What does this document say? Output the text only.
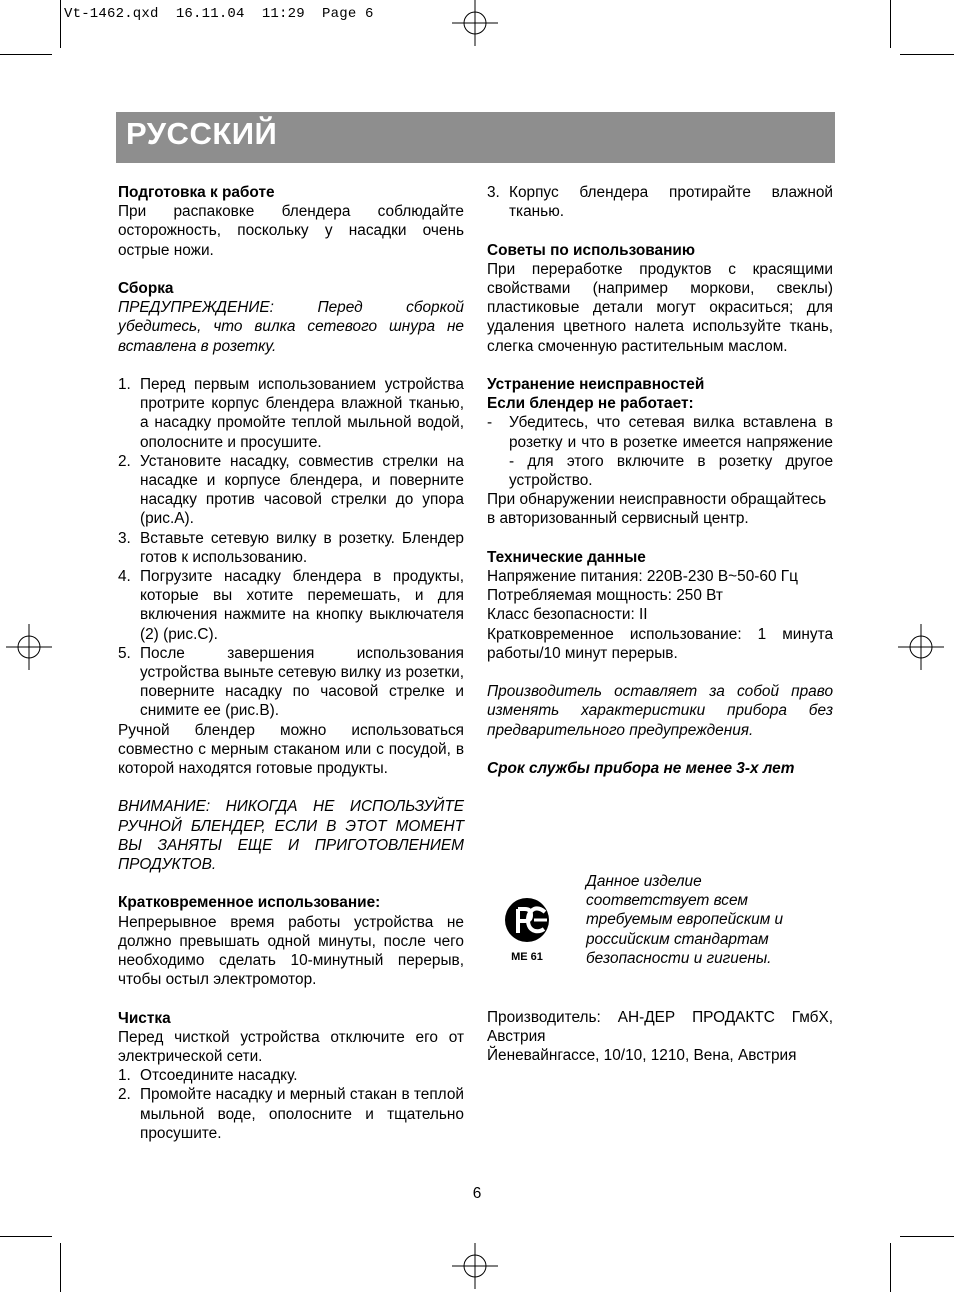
Vt-1462.qxd  16.11.04  11:29  Page 6
РУССКИЙ
Подготовка к работе
При распаковке блендера соблюдайте осторожность, поскольку у насадки очень острые ножи.
Сборка
ПРЕДУПРЕЖДЕНИЕ: Перед сборкой убедитесь, что вилка сетевого шнура не вставлена в розетку.
1. Перед первым использованием устройства протрите корпус блендера влажной тканью, а насадку промойте теплой мыльной водой, ополосните и просушите.
2. Установите насадку, совместив стрелки на насадке и корпусе блендера, и поверните насадку против часовой стрелки до упора (рис.A).
3. Вставьте сетевую вилку в розетку. Блендер готов к использованию.
4. Погрузите насадку блендера в продукты, которые вы хотите перемешать, и для включения нажмите на кнопку выключателя (2) (рис.C).
5. После завершения использования устройства выньте сетевую вилку из розетки, поверните насадку по часовой стрелке и снимите ее (рис.B).
Ручной блендер можно использоваться совместно с мерным стаканом или с посудой, в которой находятся готовые продукты.
ВНИМАНИЕ: НИКОГДА НЕ ИСПОЛЬЗУЙТЕ РУЧНОЙ БЛЕНДЕР, ЕСЛИ В ЭТОТ МОМЕНТ ВЫ ЗАНЯТЫ ЕЩЕ И ПРИГОТОВЛЕНИЕМ ПРОДУКТОВ.
Кратковременное использование:
Непрерывное время работы устройства не должно превышать одной минуты, после чего необходимо сделать 10-минутный перерыв, чтобы остыл электромотор.
Чистка
Перед чисткой устройства отключите его от электрической сети.
1. Отсоедините насадку.
2. Промойте насадку и мерный стакан в теплой мыльной воде, ополосните и тщательно просушите.
3. Корпус блендера протирайте влажной тканью.
Советы по использованию
При переработке продуктов с красящими свойствами (например моркови, свеклы) пластиковые детали могут окраситься; для удаления цветного налета используйте ткань, слегка смоченную растительным маслом.
Устранение неисправностей
Если блендер не работает:
- Убедитесь, что сетевая вилка вставлена в розетку и что в розетке имеется напряжение - для этого включите в розетку другое устройство.
При обнаружении неисправности обращайтесь в авторизованный сервисный центр.
Технические данные
Напряжение питания: 220В-230 В~50-60 Гц
Потребляемая мощность: 250 Вт
Класс безопасности: II
Кратковременное использование: 1 минута работы/10 минут перерыв.
Производитель оставляет за собой право изменять характеристики прибора без предварительного предупреждения.
Срок службы прибора не менее 3-х лет
ME 61
Данное изделие соответствует всем требуемым европейским и российским стандартам безопасности и гигиены.
Производитель: АН-ДЕР ПРОДАКТС ГмбХ, Австрия
Йеневайнгассе, 10/10, 1210, Вена, Австрия
6
